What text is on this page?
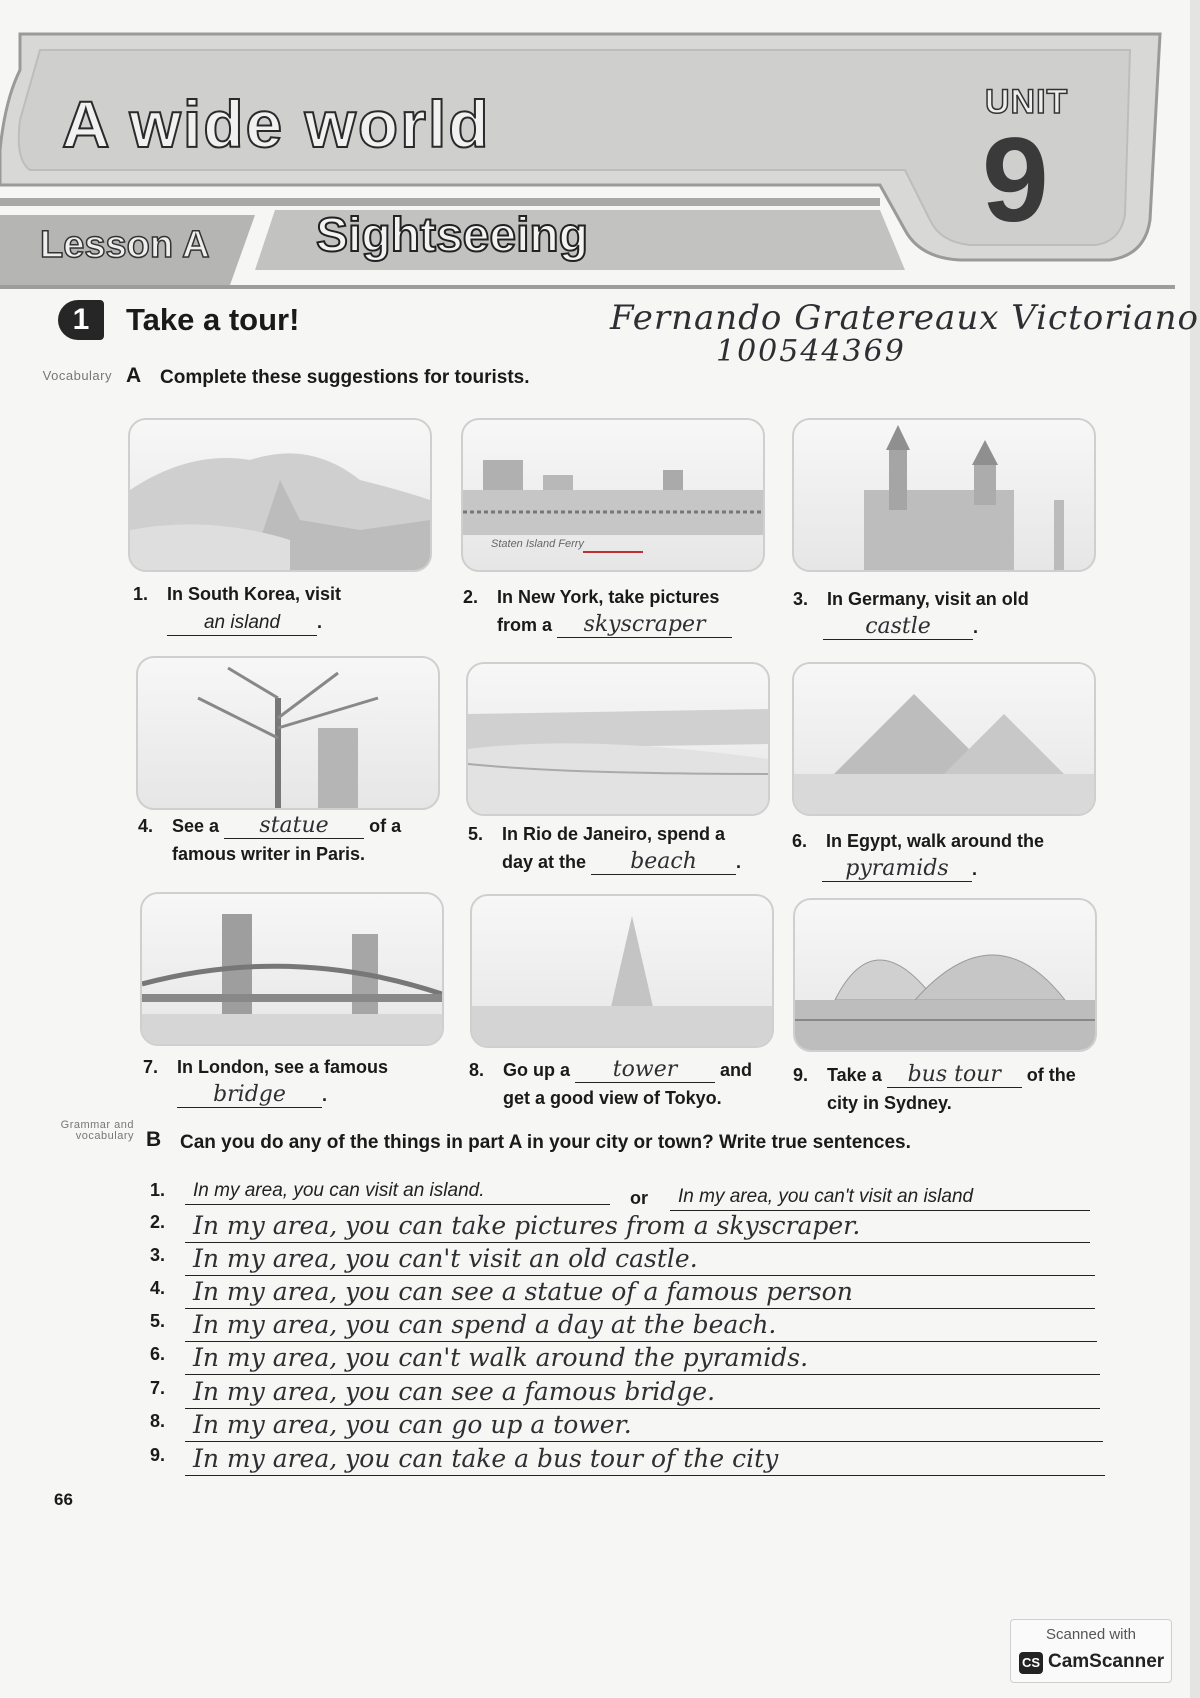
A wide world	UNIT
9
Lesson A Sightseeing
1	Take a tour!	Fernando Gratereaux Victoriano
100544369
Vocabulary A Complete these suggestions for tourists.
Staten Island Ferry
1. In South Korea, visit
an island .
2. In New York, take pictures
from a skyscraper
3. In Germany, visit an old
castle .
4. See a statue of a
famous writer in Paris.
5. In Rio de Janeiro, spend a
day at the beach .
6. In Egypt, walk around the
pyramids .
7. In London, see a famous
bridge .
8. Go up a tower and
get a good view of Tokyo.
9. Take a bus tour of the
city in Sydney.
Grammar and vocabulary B Can you do any of the things in part A in your city or town? Write true sentences.
1. In my area, you can visit an island.	or In my area, you can't visit an island
2. In my area, you can take pictures from a skyscraper.
3. In my area, you can't visit an old castle.
4. In my area, you can see a statue of a famous person
5. In my area, you can spend a day at the beach.
6. In my area, you can't walk around the pyramids.
7. In my area, you can see a famous bridge.
8. In my area, you can go up a tower.
9. In my area, you can take a bus tour of the city
66
Scanned with
CS CamScanner
